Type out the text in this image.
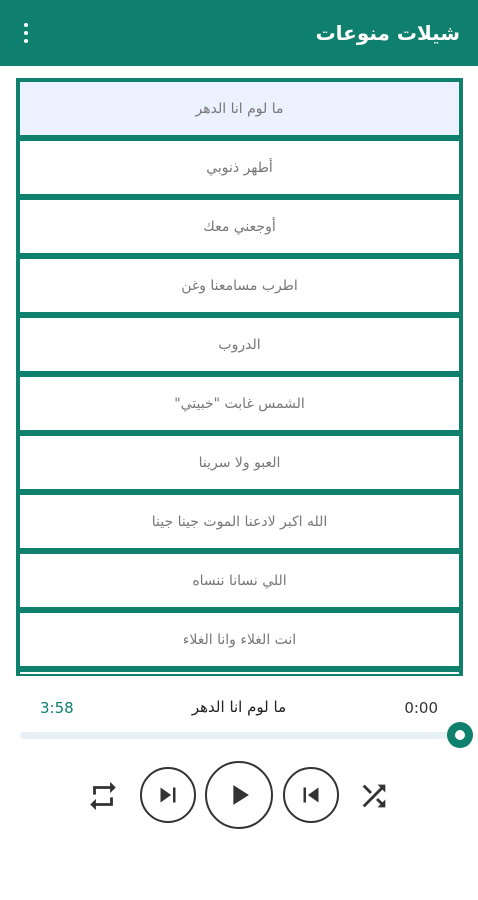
شيلات منوعات
ما لوم انا الدهر
أطهر ذنوبي
أوجعني معك
اطرب مسامعنا وغن
الدروب
الشمس غابت "خبيتي"
العبو ولا سرينا
الله اكبر لادعنا الموت جينا جينا
اللي نسانا ننساه
انت الغلاء وانا الغلاء
3:58	ما لوم انا الدهر	0:00
